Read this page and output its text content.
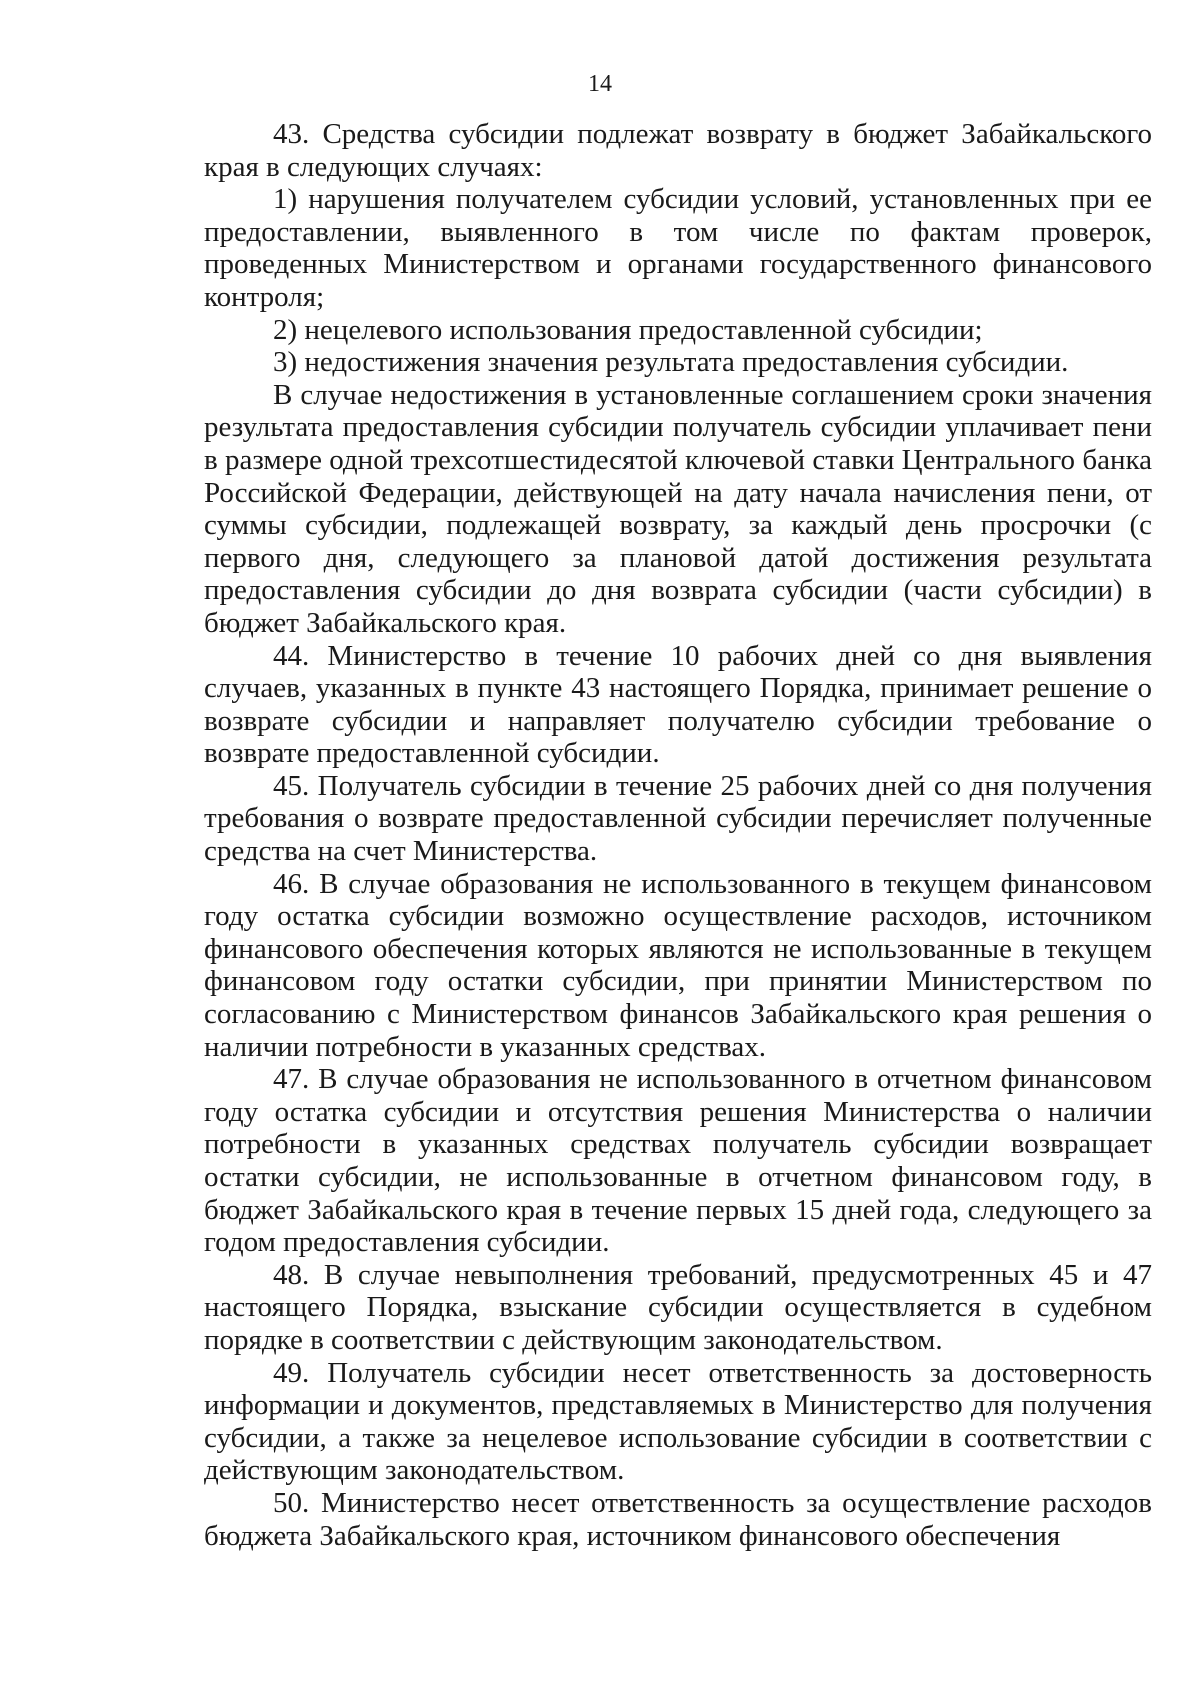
14

43. Средства субсидии подлежат возврату в бюджет Забайкальского края в следующих случаях:

1) нарушения получателем субсидии условий, установленных при ее предоставлении, выявленного в том числе по фактам проверок, проведенных Министерством и органами государственного финансового контроля;

2) нецелевого использования предоставленной субсидии;

3) недостижения значения результата предоставления субсидии.

В случае недостижения в установленные соглашением сроки значения результата предоставления субсидии получатель субсидии уплачивает пени в размере одной трехсотшестидесятой ключевой ставки Центрального банка Российской Федерации, действующей на дату начала начисления пени, от суммы субсидии, подлежащей возврату, за каждый день просрочки (с первого дня, следующего за плановой датой достижения результата предоставления субсидии до дня возврата субсидии (части субсидии) в бюджет Забайкальского края.

44. Министерство в течение 10 рабочих дней со дня выявления случаев, указанных в пункте 43 настоящего Порядка, принимает решение о возврате субсидии и направляет получателю субсидии требование о возврате предоставленной субсидии.

45. Получатель субсидии в течение 25 рабочих дней со дня получения требования о возврате предоставленной субсидии перечисляет полученные средства на счет Министерства.

46. В случае образования не использованного в текущем финансовом году остатка субсидии возможно осуществление расходов, источником финансового обеспечения которых являются не использованные в текущем финансовом году остатки субсидии, при принятии Министерством по согласованию с Министерством финансов Забайкальского края решения о наличии потребности в указанных средствах.

47. В случае образования не использованного в отчетном финансовом году остатка субсидии и отсутствия решения Министерства о наличии потребности в указанных средствах получатель субсидии возвращает остатки субсидии, не использованные в отчетном финансовом году, в бюджет Забайкальского края в течение первых 15 дней года, следующего за годом предоставления субсидии.

48. В случае невыполнения требований, предусмотренных 45 и 47 настоящего Порядка, взыскание субсидии осуществляется в судебном порядке в соответствии с действующим законодательством.

49. Получатель субсидии несет ответственность за достоверность информации и документов, представляемых в Министерство для получения субсидии, а также за нецелевое использование субсидии в соответствии с действующим законодательством.

50. Министерство несет ответственность за осуществление расходов бюджета Забайкальского края, источником финансового обеспечения
